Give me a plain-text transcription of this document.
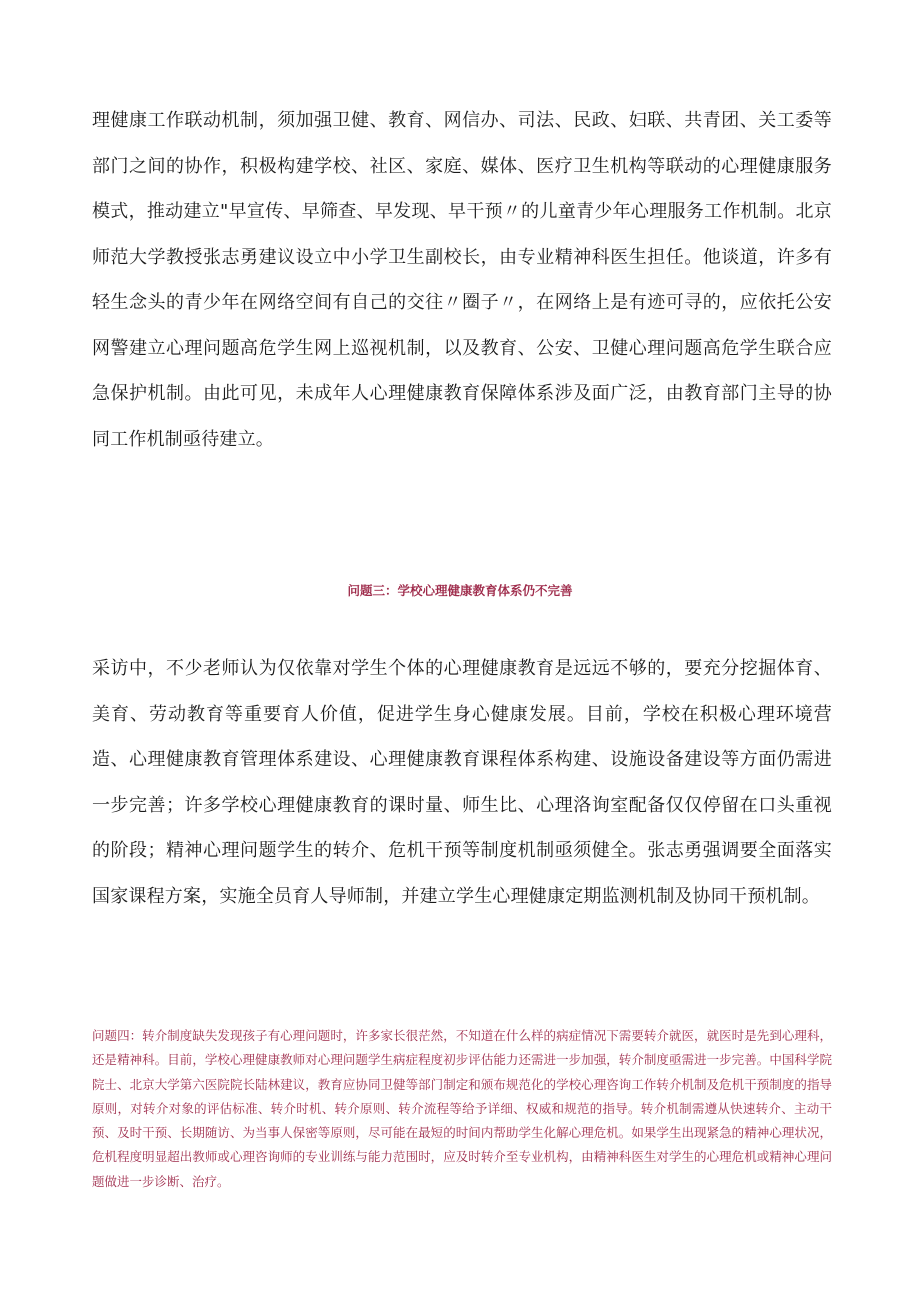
理健康工作联动机制，须加强卫健、教育、网信办、司法、民政、妇联、共青团、关工委等部门之间的协作，积极构建学校、社区、家庭、媒体、医疗卫生机构等联动的心理健康服务模式，推动建立"早宣传、早筛查、早发现、早干预〃的儿童青少年心理服务工作机制。北京师范大学教授张志勇建议设立中小学卫生副校长，由专业精神科医生担任。他谈道，许多有轻生念头的青少年在网络空间有自己的交往〃圈子〃，在网络上是有迹可寻的，应依托公安网警建立心理问题高危学生网上巡视机制，以及教育、公安、卫健心理问题高危学生联合应急保护机制。由此可见，未成年人心理健康教育保障体系涉及面广泛，由教育部门主导的协同工作机制亟待建立。

问题三：学校心理健康教育体系仍不完善

采访中，不少老师认为仅依靠对学生个体的心理健康教育是远远不够的，要充分挖掘体育、美育、劳动教育等重要育人价值，促进学生身心健康发展。目前，学校在积极心理环境营造、心理健康教育管理体系建设、心理健康教育课程体系构建、设施设备建设等方面仍需进一步完善；许多学校心理健康教育的课时量、师生比、心理洛询室配备仅仅停留在口头重视的阶段；精神心理问题学生的转介、危机干预等制度机制亟须健全。张志勇强调要全面落实国家课程方案，实施全员育人导师制，并建立学生心理健康定期监测机制及协同干预机制。

问题四：转介制度缺失发现孩子有心理问题时，许多家长很茫然，不知道在什么样的病症情况下需要转介就医，就医时是先到心理科，还是精神科。目前，学校心理健康教师对心理问题学生病症程度初步评估能力还需进一步加强，转介制度亟需进一步完善。中国科学院院士、北京大学第六医院院长陆林建议，教育应协同卫健等部门制定和颁布规范化的学校心理咨询工作转介机制及危机干预制度的指导原则，对转介对象的评估标准、转介时机、转介原则、转介流程等给予详细、权威和规范的指导。转介机制需遵从快速转介、主动干预、及时干预、长期随访、为当事人保密等原则，尽可能在最短的时间内帮助学生化解心理危机。如果学生出现紧急的精神心理状况，危机程度明显超出教师或心理咨询师的专业训练与能力范围时，应及时转介至专业机构，由精神科医生对学生的心理危机或精神心理问题做进一步诊断、治疗。
